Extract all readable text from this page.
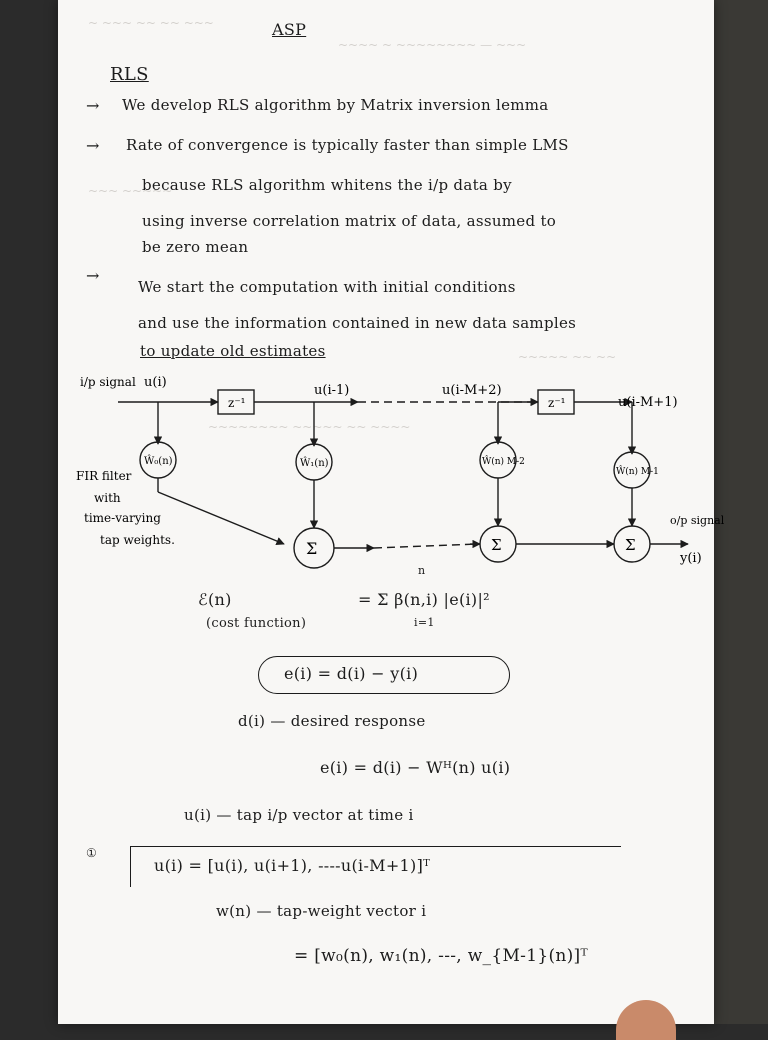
~ ~~~ ~~ ~~ ~~~
~~~~ ~ ~~~~~~~~ — ~~~
~~~ ~~~~~
~~~~~~~~ ~~~~~ ~~ ~~~~
~~~~~ ~~ ~~
ASP
RLS
→ We develop RLS algorithm by Matrix inversion lemma
→ Rate of convergence is typically faster than simple LMS
because RLS algorithm whitens the i/p data by
using inverse correlation matrix of data, assumed to
be zero mean
→
We start the computation with initial conditions
and use the information contained in new data samples
to update old estimates
i/p signal u(i)
z⁻¹	z⁻¹
u(i-1)	u(i-M+2)
u(i-M+1)
Ŵ₀(n)	Ŵ₁(n)	Ŵ(n) M-2
Ŵ(n) M-1
Σ	Σ	Σ
FIR filter
with
time-varying
tap weights.
o/p signal
y(i)
ℰ(n)
(cost function)
n
= Σ β(n,i) |e(i)|²
i=1
e(i) = d(i) − y(i)
d(i) — desired response
e(i) = d(i) − Wᴴ(n) u(i)
u(i) — tap i/p vector at time i
①
u(i) = [u(i), u(i+1), ----u(i-M+1)]ᵀ
w(n) — tap-weight vector i
= [w₀(n), w₁(n), ---, w_{M-1}(n)]ᵀ
